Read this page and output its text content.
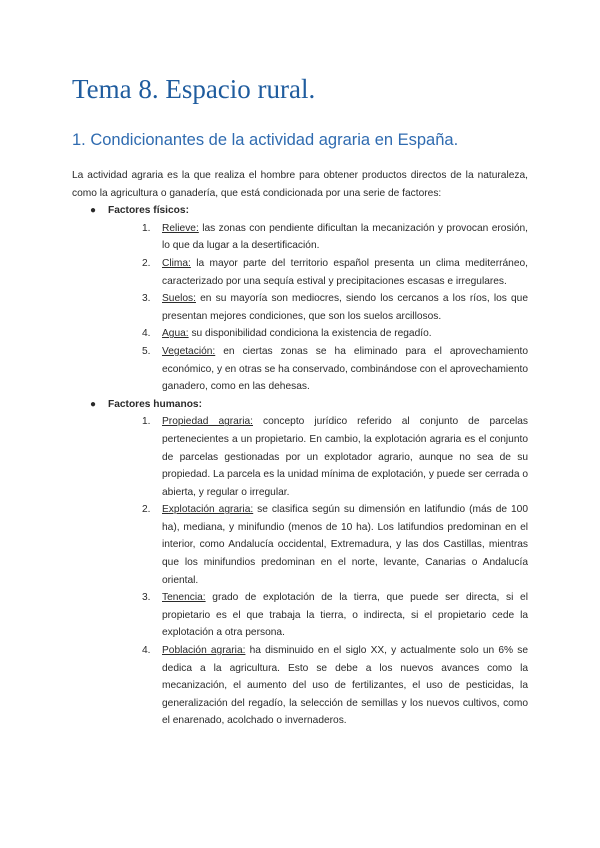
Tema 8. Espacio rural.
1. Condicionantes de la actividad agraria en España.

La actividad agraria es la que realiza el hombre para obtener productos directos de la naturaleza, como la agricultura o ganadería, que está condicionada por una serie de factores:

● Factores físicos:
1. Relieve: las zonas con pendiente dificultan la mecanización y provocan erosión, lo que da lugar a la desertificación.
2. Clima: la mayor parte del territorio español presenta un clima mediterráneo, caracterizado por una sequía estival y precipitaciones escasas e irregulares.
3. Suelos: en su mayoría son mediocres, siendo los cercanos a los ríos, los que presentan mejores condiciones, que son los suelos arcillosos.
4. Agua: su disponibilidad condiciona la existencia de regadío.
5. Vegetación: en ciertas zonas se ha eliminado para el aprovechamiento económico, y en otras se ha conservado, combinándose con el aprovechamiento ganadero, como en las dehesas.
● Factores humanos:
1. Propiedad agraria: concepto jurídico referido al conjunto de parcelas pertenecientes a un propietario. En cambio, la explotación agraria es el conjunto de parcelas gestionadas por un explotador agrario, aunque no sea de su propiedad. La parcela es la unidad mínima de explotación, y puede ser cerrada o abierta, y regular o irregular.
2. Explotación agraria: se clasifica según su dimensión en latifundio (más de 100 ha), mediana, y minifundio (menos de 10 ha). Los latifundios predominan en el interior, como Andalucía occidental, Extremadura, y las dos Castillas, mientras que los minifundios predominan en el norte, levante, Canarias o Andalucía oriental.
3. Tenencia: grado de explotación de la tierra, que puede ser directa, si el propietario es el que trabaja la tierra, o indirecta, si el propietario cede la explotación a otra persona.
4. Población agraria: ha disminuido en el siglo XX, y actualmente solo un 6% se dedica a la agricultura. Esto se debe a los nuevos avances como la mecanización, el aumento del uso de fertilizantes, el uso de pesticidas, la generalización del regadío, la selección de semillas y los nuevos cultivos, como el enarenado, acolchado o invernaderos.
